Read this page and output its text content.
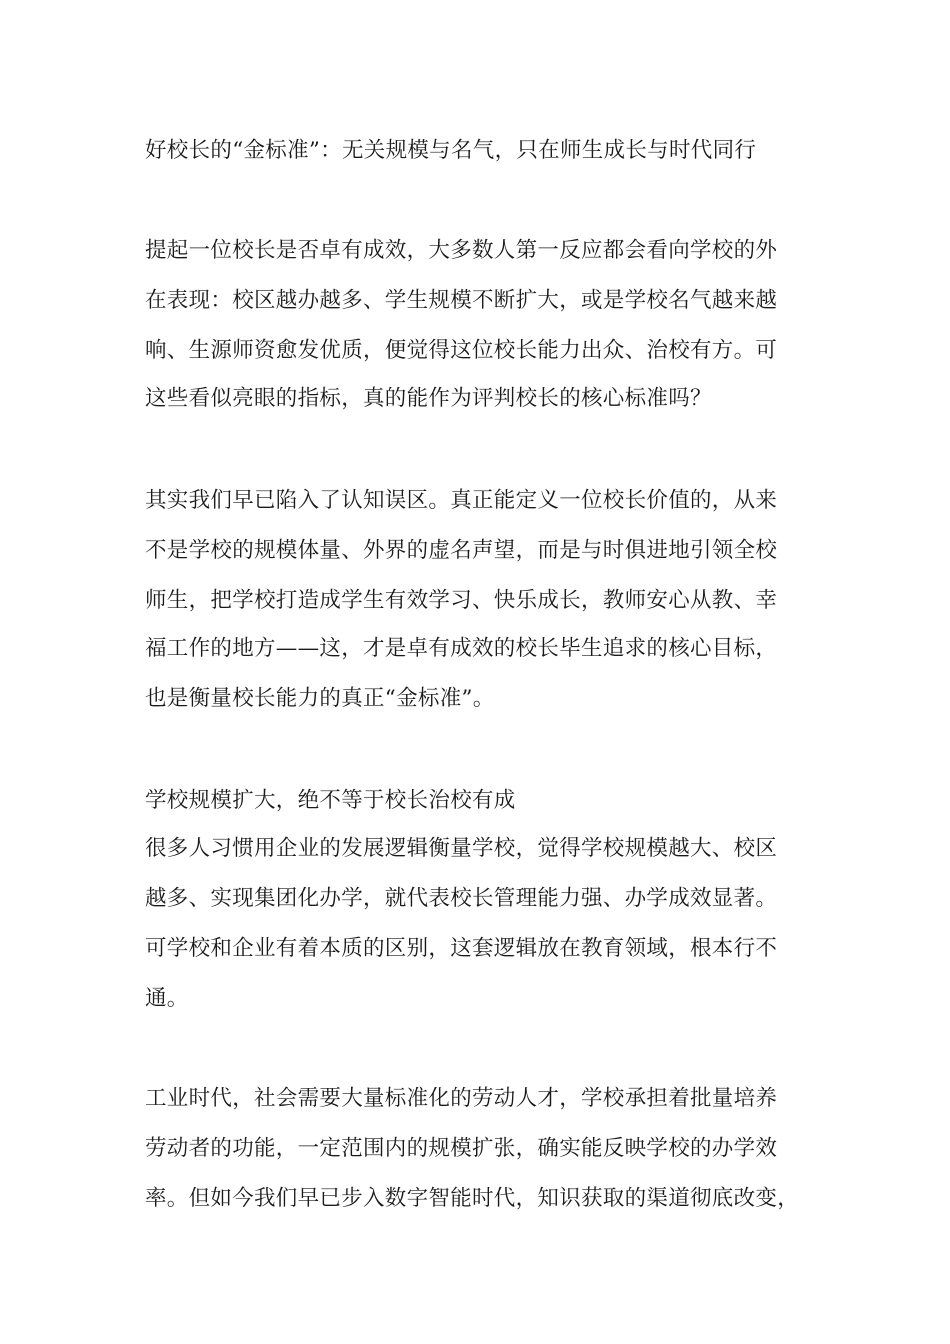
好校长的“金标准”：无关规模与名气，只在师生成长与时代同行

提起一位校长是否卓有成效，大多数人第一反应都会看向学校的外

在表现：校区越办越多、学生规模不断扩大，或是学校名气越来越

响、生源师资愈发优质，便觉得这位校长能力出众、治校有方。可

这些看似亮眼的指标，真的能作为评判校长的核心标准吗？

其实我们早已陷入了认知误区。真正能定义一位校长价值的，从来

不是学校的规模体量、外界的虚名声望，而是与时俱进地引领全校

师生，把学校打造成学生有效学习、快乐成长，教师安心从教、幸

福工作的地方——这，才是卓有成效的校长毕生追求的核心目标，

也是衡量校长能力的真正“金标准”。

学校规模扩大，绝不等于校长治校有成

很多人习惯用企业的发展逻辑衡量学校，觉得学校规模越大、校区

越多、实现集团化办学，就代表校长管理能力强、办学成效显著。

可学校和企业有着本质的区别，这套逻辑放在教育领域，根本行不

通。

工业时代，社会需要大量标准化的劳动人才，学校承担着批量培养

劳动者的功能，一定范围内的规模扩张，确实能反映学校的办学效

率。但如今我们早已步入数字智能时代，知识获取的渠道彻底改变，
